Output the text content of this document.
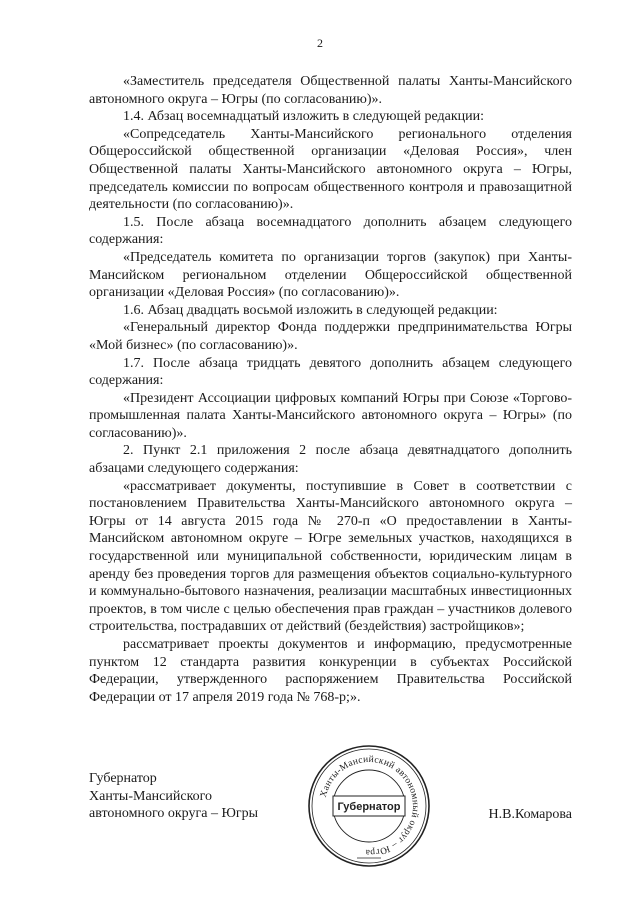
2

«Заместитель председателя Общественной палаты Ханты-Мансийского автономного округа – Югры (по согласованию)».

1.4. Абзац восемнадцатый изложить в следующей редакции:

«Сопредседатель Ханты-Мансийского регионального отделения Общероссийской общественной организации «Деловая Россия», член Общественной палаты Ханты-Мансийского автономного округа – Югры, председатель комиссии по вопросам общественного контроля и правозащитной деятельности (по согласованию)».

1.5. После абзаца восемнадцатого дополнить абзацем следующего содержания:

«Председатель комитета по организации торгов (закупок) при Ханты-Мансийском региональном отделении Общероссийской общественной организации «Деловая Россия» (по согласованию)».

1.6. Абзац двадцать восьмой изложить в следующей редакции:

«Генеральный директор Фонда поддержки предпринимательства Югры «Мой бизнес» (по согласованию)».

1.7. После абзаца тридцать девятого дополнить абзацем следующего содержания:

«Президент Ассоциации цифровых компаний Югры при Союзе «Торгово-промышленная палата Ханты-Мансийского автономного округа – Югры» (по согласованию)».

2. Пункт 2.1 приложения 2 после абзаца девятнадцатого дополнить абзацами следующего содержания:

«рассматривает документы, поступившие в Совет в соответствии с постановлением Правительства Ханты-Мансийского автономного округа – Югры от 14 августа 2015 года № 270-п «О предоставлении в Ханты-Мансийском автономном округе – Югре земельных участков, находящихся в государственной или муниципальной собственности, юридическим лицам в аренду без проведения торгов для размещения объектов социально-культурного и коммунально-бытового назначения, реализации масштабных инвестиционных проектов, в том числе с целью обеспечения прав граждан – участников долевого строительства, пострадавших от действий (бездействия) застройщиков»;

рассматривает проекты документов и информацию, предусмотренные пунктом 12 стандарта развития конкуренции в субъектах Российской Федерации, утвержденного распоряжением Правительства Российской Федерации от 17 апреля 2019 года № 768-р;».

Губернатор
Ханты-Мансийского
автономного округа – Югры	Н.В.Комарова
Ханты-Мансийский автономный округ – Югра
Губернатор
